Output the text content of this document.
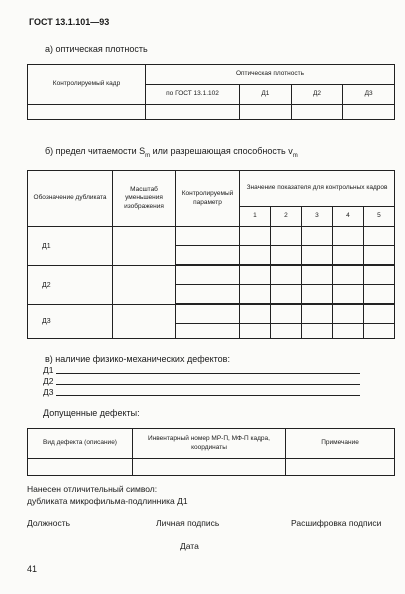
ГОСТ 13.1.101—93
а) оптическая плотность
Контролируемый кадр	Оптическая плотность			

	по ГОСТ 13.1.102	Д1	Д2	Д3

б) предел читаемости $S_m$ или разрешающая способность $v_m$
Обозначение дубликата	Масштаб уменьшения изображения	Контролируемый параметр	Значение показателя для контрольных кадров				

			1	2	3	4	5

Д1							

Д2							

Д3							

в) наличие физико-механических дефектов:
Д1
Д2
Д3
Допущенные дефекты:
Вид дефекта (описание)	Инвентарный номер МР-П, МФ-П кадра, координаты	Примечание

Нанесен отличительный символ:
дубликата микрофильма-подлинника Д1
Должность	Личная подпись	Расшифровка подписи
Дата
41
